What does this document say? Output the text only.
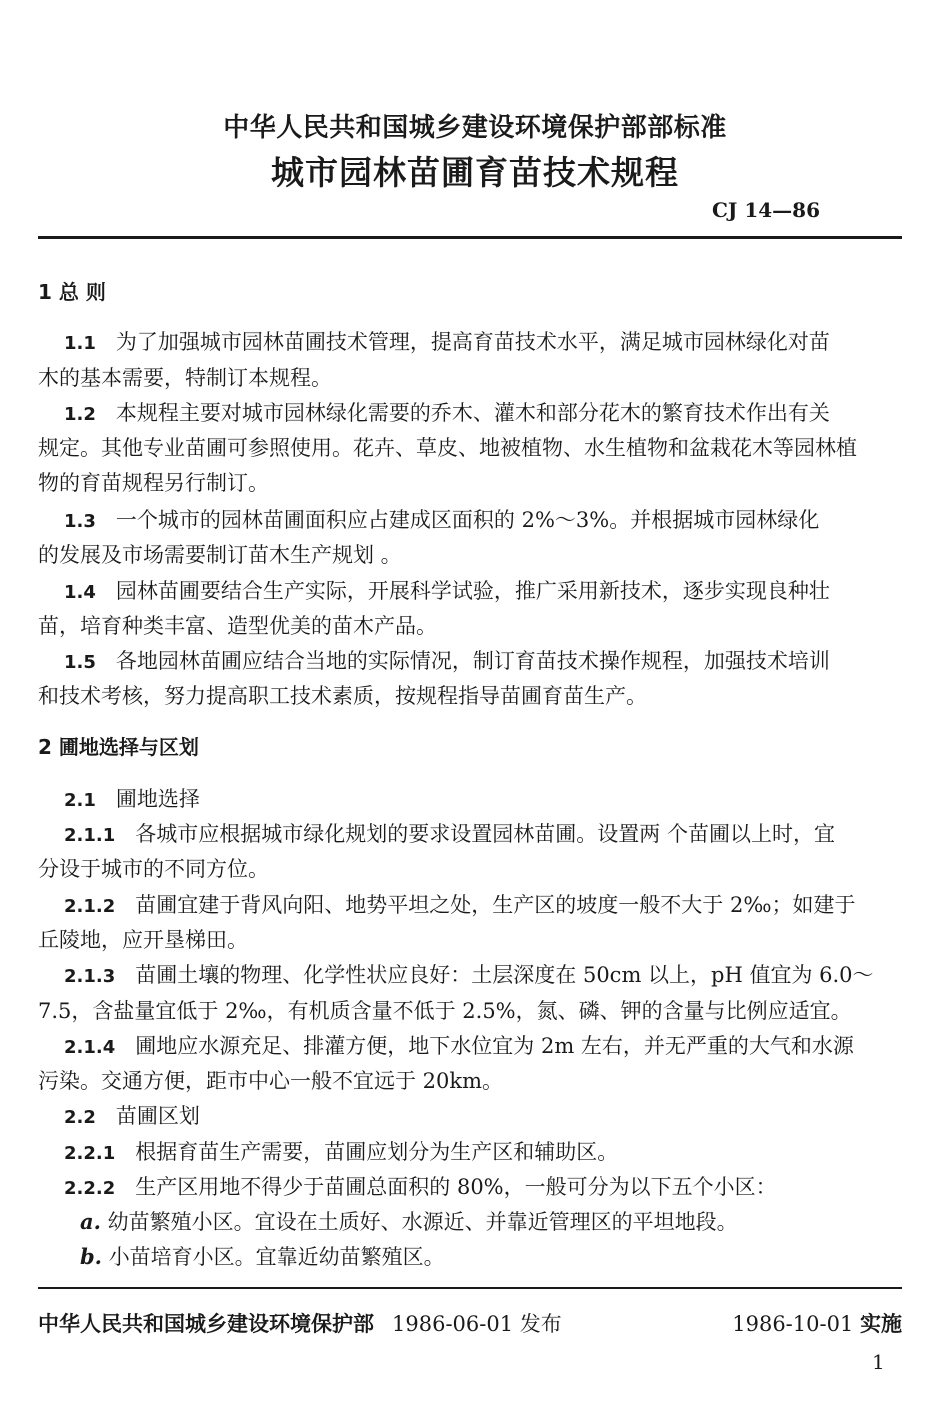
中华人民共和国城乡建设环境保护部部标准
城市园林苗圃育苗技术规程
CJ 14—86
1 总 则
1.1 为了加强城市园林苗圃技术管理，提高育苗技术水平，满足城市园林绿化对苗
木的基本需要，特制订本规程。
1.2 本规程主要对城市园林绿化需要的乔木、灌木和部分花木的繁育技术作出有关
规定。其他专业苗圃可参照使用。花卉、草皮、地被植物、水生植物和盆栽花木等园林植
物的育苗规程另行制订。
1.3 一个城市的园林苗圃面积应占建成区面积的 2%～3%。并根据城市园林绿化
的发展及市场需要制订苗木生产规划 。
1.4 园林苗圃要结合生产实际，开展科学试验，推广采用新技术，逐步实现良种壮
苗，培育种类丰富、造型优美的苗木产品。
1.5 各地园林苗圃应结合当地的实际情况，制订育苗技术操作规程，加强技术培训
和技术考核，努力提高职工技术素质，按规程指导苗圃育苗生产。
2 圃地选择与区划
2.1 圃地选择
2.1.1 各城市应根据城市绿化规划的要求设置园林苗圃。设置两 个苗圃以上时，宜
分设于城市的不同方位。
2.1.2 苗圃宜建于背风向阳、地势平坦之处，生产区的坡度一般不大于 2‰；如建于
丘陵地，应开垦梯田。
2.1.3 苗圃土壤的物理、化学性状应良好：土层深度在 50cm 以上，pH 值宜为 6.0～
7.5，含盐量宜低于 2‰，有机质含量不低于 2.5%，氮、磷、钾的含量与比例应适宜。
2.1.4 圃地应水源充足、排灌方便，地下水位宜为 2m 左右，并无严重的大气和水源
污染。交通方便，距市中心一般不宜远于 20km。
2.2 苗圃区划
2.2.1 根据育苗生产需要，苗圃应划分为生产区和辅助区。
2.2.2 生产区用地不得少于苗圃总面积的 80%，一般可分为以下五个小区：
a. 幼苗繁殖小区。宜设在土质好、水源近、并靠近管理区的平坦地段。
b. 小苗培育小区。宜靠近幼苗繁殖区。
中华人民共和国城乡建设环境保护部 1986-06-01 发布	1986-10-01 实施
1
